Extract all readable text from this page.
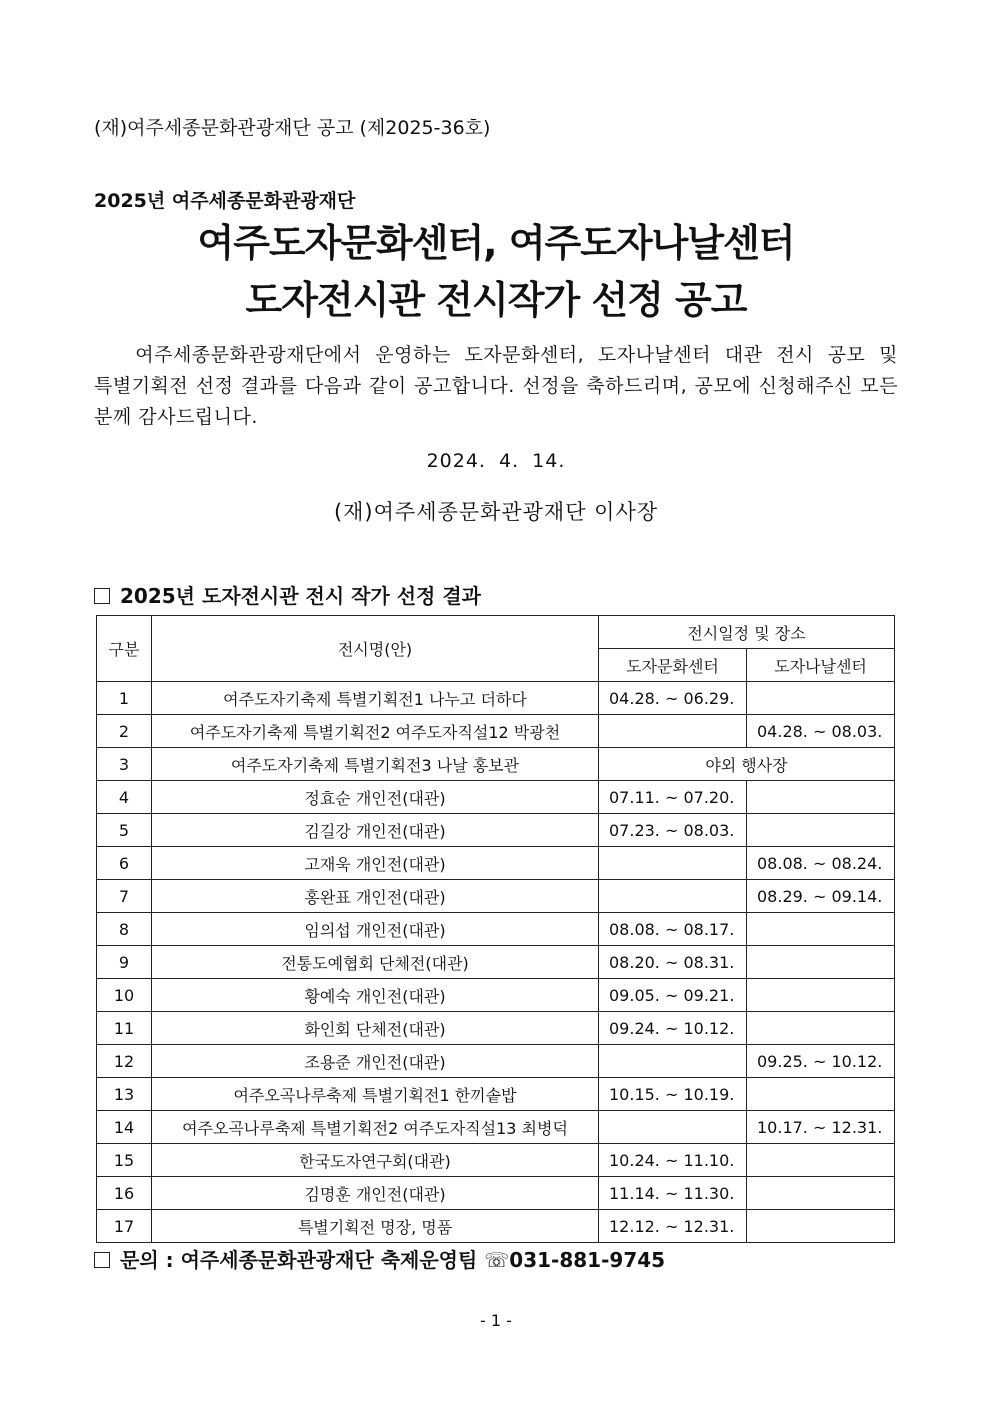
(재)여주세종문화관광재단 공고 (제2025-36호)
2025년 여주세종문화관광재단
여주도자문화센터, 여주도자나날센터
도자전시관 전시작가 선정 공고
여주세종문화관광재단에서 운영하는 도자문화센터, 도자나날센터 대관 전시 공모 및 특별기획전 선정 결과를 다음과 같이 공고합니다. 선정을 축하드리며, 공모에 신청해주신 모든 분께 감사드립니다.
2024. 4. 14.
(재)여주세종문화관광재단 이사장
2025년 도자전시관 전시 작가 선정 결과
구분	전시명(안)	전시일정 및 장소	
		도자문화센터	도자나날센터
1	여주도자기축제 특별기획전1 나누고 더하다	04.28. ~ 06.29.	
2	여주도자기축제 특별기획전2 여주도자직설12 박광천		04.28. ~ 08.03.
3	여주도자기축제 특별기획전3 나날 홍보관	야외 행사장	
4	정효순 개인전(대관)	07.11. ~ 07.20.	
5	김길강 개인전(대관)	07.23. ~ 08.03.	
6	고재욱 개인전(대관)		08.08. ~ 08.24.
7	홍완표 개인전(대관)		08.29. ~ 09.14.
8	임의섭 개인전(대관)	08.08. ~ 08.17.	
9	전통도예협회 단체전(대관)	08.20. ~ 08.31.	
10	황예숙 개인전(대관)	09.05. ~ 09.21.	
11	화인회 단체전(대관)	09.24. ~ 10.12.	
12	조용준 개인전(대관)		09.25. ~ 10.12.
13	여주오곡나루축제 특별기획전1 한끼솥밥	10.15. ~ 10.19.	
14	여주오곡나루축제 특별기획전2 여주도자직설13 최병덕		10.17. ~ 12.31.
15	한국도자연구회(대관)	10.24. ~ 11.10.	
16	김명훈 개인전(대관)	11.14. ~ 11.30.	
17	특별기획전 명장, 명품	12.12. ~ 12.31.	
문의 : 여주세종문화관광재단 축제운영팀 ☏031-881-9745
- 1 -
